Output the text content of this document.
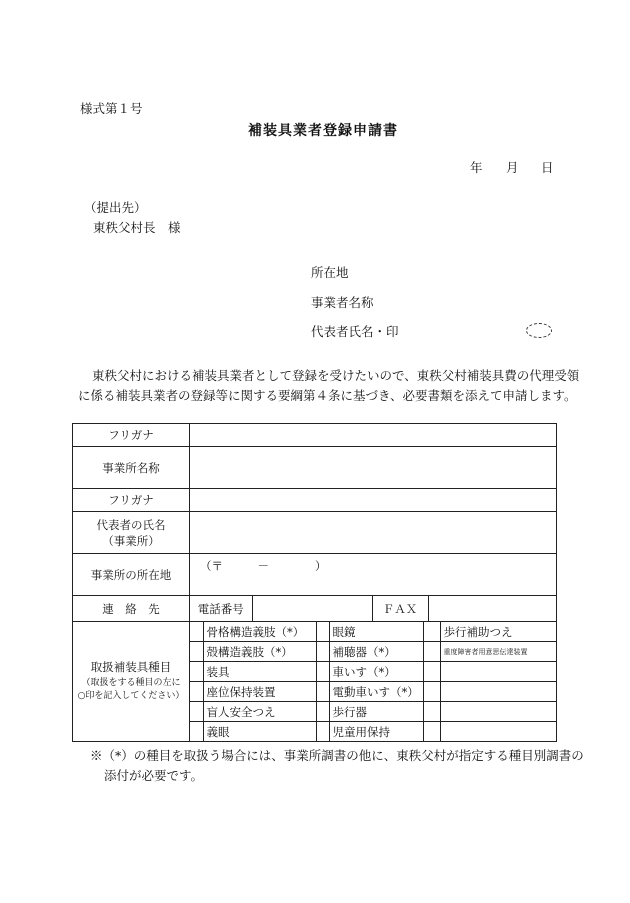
様式第１号
補装具業者登録申請書
年 月 日
（提出先）
東秩父村長　様
所在地
事業者名称
代表者氏名・印
東秩父村における補装具業者として登録を受けたいので、東秩父村補装具費の代理受領
に係る補装具業者の登録等に関する要綱第４条に基づき、必要書類を添えて申請します。
フリガナ	
事業所名称	
フリガナ	

代表者の氏名
（事業所）

事業所の所在地	（〒　　　－　　　　）
連　絡　先		電話番号		ＦＡＸ	

取扱補装具種目
（取扱をする種目の左に
○印を記入してください）

	骨格構造義肢（*）		眼鏡		歩行補助つえ
	殻構造義肢（*）		補聴器（*）		重度障害者用意思伝達装置
	装具		車いす（*）		
	座位保持装置		電動車いす（*）		
	盲人安全つえ		歩行器		
	義眼		児童用保持		
※（*）の種目を取扱う場合には、事業所調書の他に、東秩父村が指定する種目別調書の
添付が必要です。
